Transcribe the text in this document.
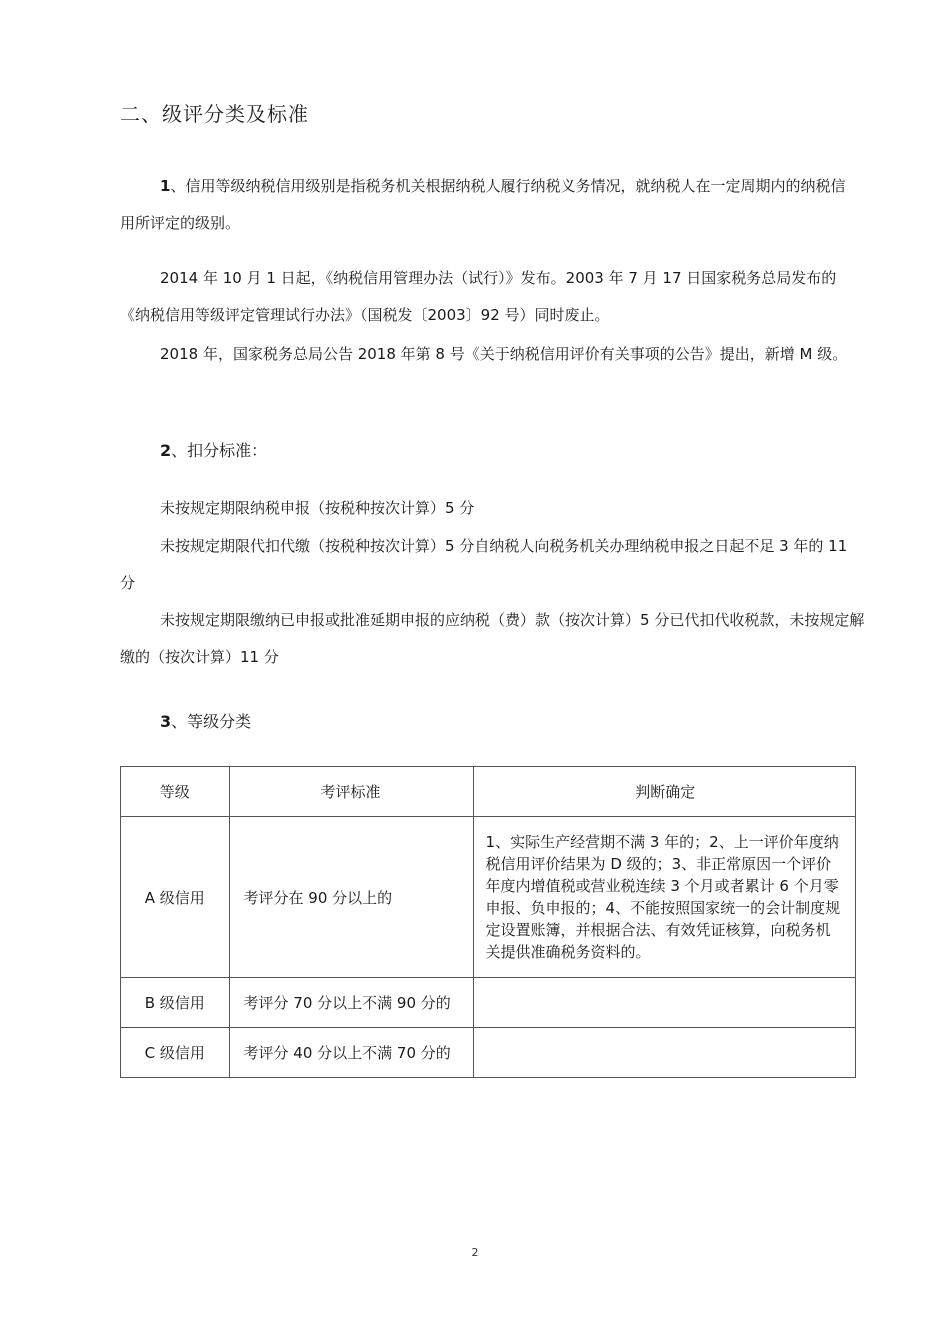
二、级评分类及标准
1、信用等级纳税信用级别是指税务机关根据纳税人履行纳税义务情况，就纳税人在一定周期内的纳税信用所评定的级别。
2014 年 10 月 1 日起，《纳税信用管理办法（试行）》发布。2003 年 7 月 17 日国家税务总局发布的《纳税信用等级评定管理试行办法》（国税发〔2003〕92 号）同时废止。
2018 年，国家税务总局公告 2018 年第 8 号《关于纳税信用评价有关事项的公告》提出，新增 M 级。
2、扣分标准：
未按规定期限纳税申报（按税种按次计算）5 分
未按规定期限代扣代缴（按税种按次计算）5 分自纳税人向税务机关办理纳税申报之日起不足 3 年的 11 分
未按规定期限缴纳已申报或批准延期申报的应纳税（费）款（按次计算）5 分已代扣代收税款，未按规定解缴的（按次计算）11 分
3、等级分类
等级	考评标准	判断确定
A 级信用	考评分在 90 分以上的	1、实际生产经营期不满 3 年的；2、上一评价年度纳税信用评价结果为 D 级的；3、非正常原因一个评价年度内增值税或营业税连续 3 个月或者累计 6 个月零申报、负申报的；4、不能按照国家统一的会计制度规定设置账簿，并根据合法、有效凭证核算，向税务机关提供准确税务资料的。
B 级信用	考评分 70 分以上不满 90 分的	
C 级信用	考评分 40 分以上不满 70 分的	
2
